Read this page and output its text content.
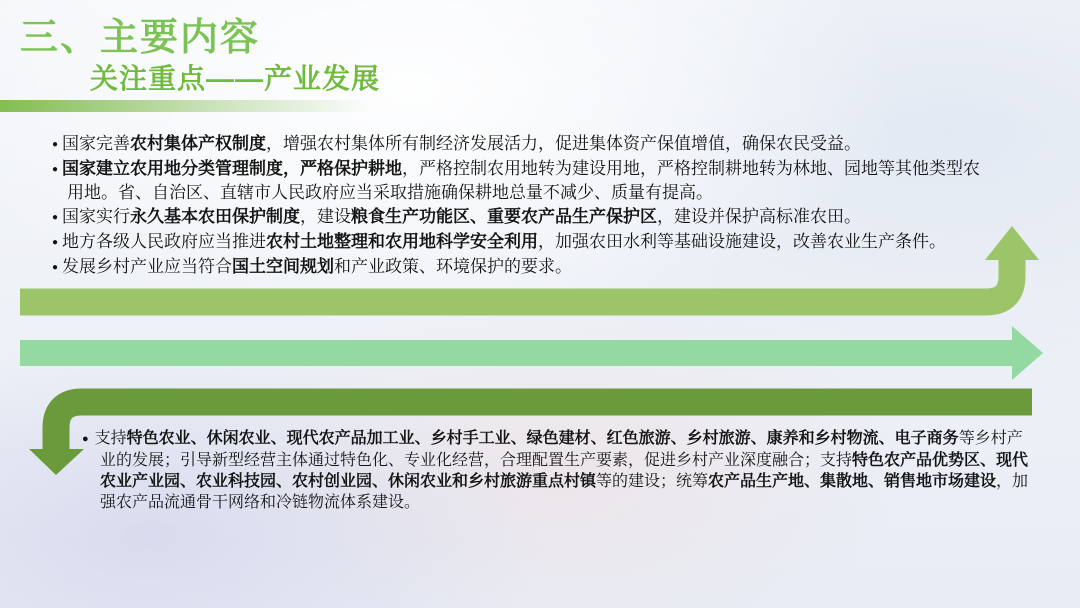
三、主要内容
关注重点——产业发展
● 国家完善农村集体产权制度，增强农村集体所有制经济发展活力，促进集体资产保值增值，确保农民受益。
● 国家建立农用地分类管理制度，严格保护耕地，严格控制农用地转为建设用地，严格控制耕地转为林地、园地等其他类型农用地。省、自治区、直辖市人民政府应当采取措施确保耕地总量不减少、质量有提高。
● 国家实行永久基本农田保护制度，建设粮食生产功能区、重要农产品生产保护区，建设并保护高标准农田。
● 地方各级人民政府应当推进农村土地整理和农用地科学安全利用，加强农田水利等基础设施建设，改善农业生产条件。
● 发展乡村产业应当符合国土空间规划和产业政策、环境保护的要求。
● 支持特色农业、休闲农业、现代农产品加工业、乡村手工业、绿色建材、红色旅游、乡村旅游、康养和乡村物流、电子商务等乡村产业的发展；引导新型经营主体通过特色化、专业化经营，合理配置生产要素，促进乡村产业深度融合；支持特色农产品优势区、现代农业产业园、农业科技园、农村创业园、休闲农业和乡村旅游重点村镇等的建设；统筹农产品生产地、集散地、销售地市场建设，加强农产品流通骨干网络和冷链物流体系建设。
